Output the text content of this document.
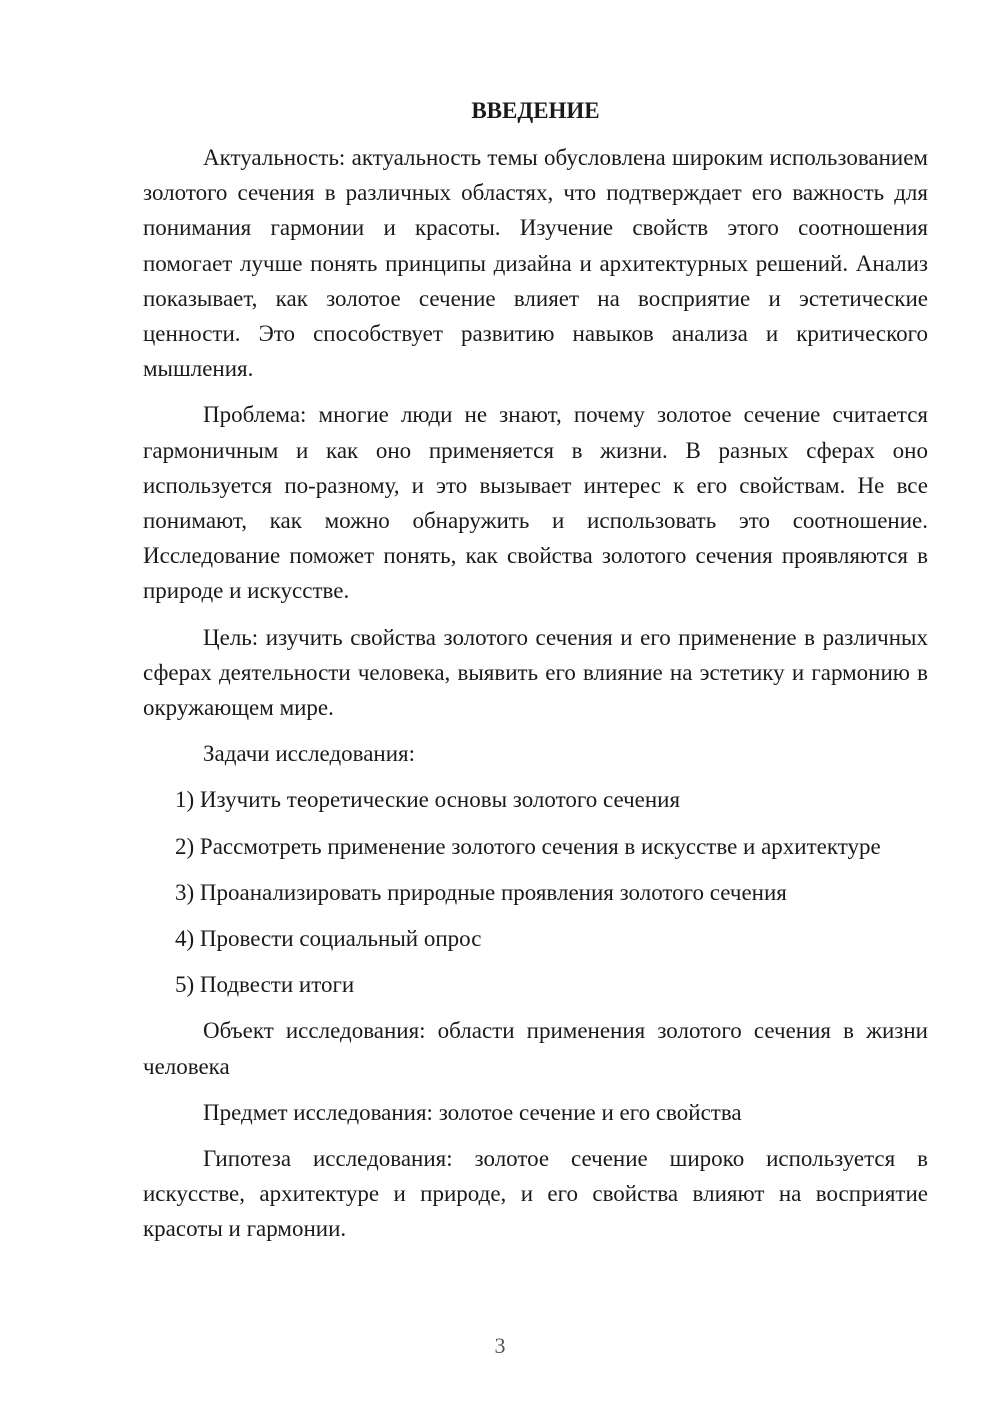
ВВЕДЕНИЕ

Актуальность: актуальность темы обусловлена широким использованием золотого сечения в различных областях, что подтверждает его важность для понимания гармонии и красоты. Изучение свойств этого соотношения помогает лучше понять принципы дизайна и архитектурных решений. Анализ показывает, как золотое сечение влияет на восприятие и эстетические ценности. Это способствует развитию навыков анализа и критического мышления.

Проблема: многие люди не знают, почему золотое сечение считается гармоничным и как оно применяется в жизни. В разных сферах оно используется по-разному, и это вызывает интерес к его свойствам. Не все понимают, как можно обнаружить и использовать это соотношение. Исследование поможет понять, как свойства золотого сечения проявляются в природе и искусстве.

Цель: изучить свойства золотого сечения и его применение в различных сферах деятельности человека, выявить его влияние на эстетику и гармонию в окружающем мире.

Задачи исследования:

1) Изучить теоретические основы золотого сечения

2) Рассмотреть применение золотого сечения в искусстве и архитектуре

3) Проанализировать природные проявления золотого сечения

4) Провести социальный опрос

5) Подвести итоги

Объект исследования: области применения золотого сечения в жизни человека

Предмет исследования: золотое сечение и его свойства

Гипотеза исследования: золотое сечение широко используется в искусстве, архитектуре и природе, и его свойства влияют на восприятие красоты и гармонии.

3
